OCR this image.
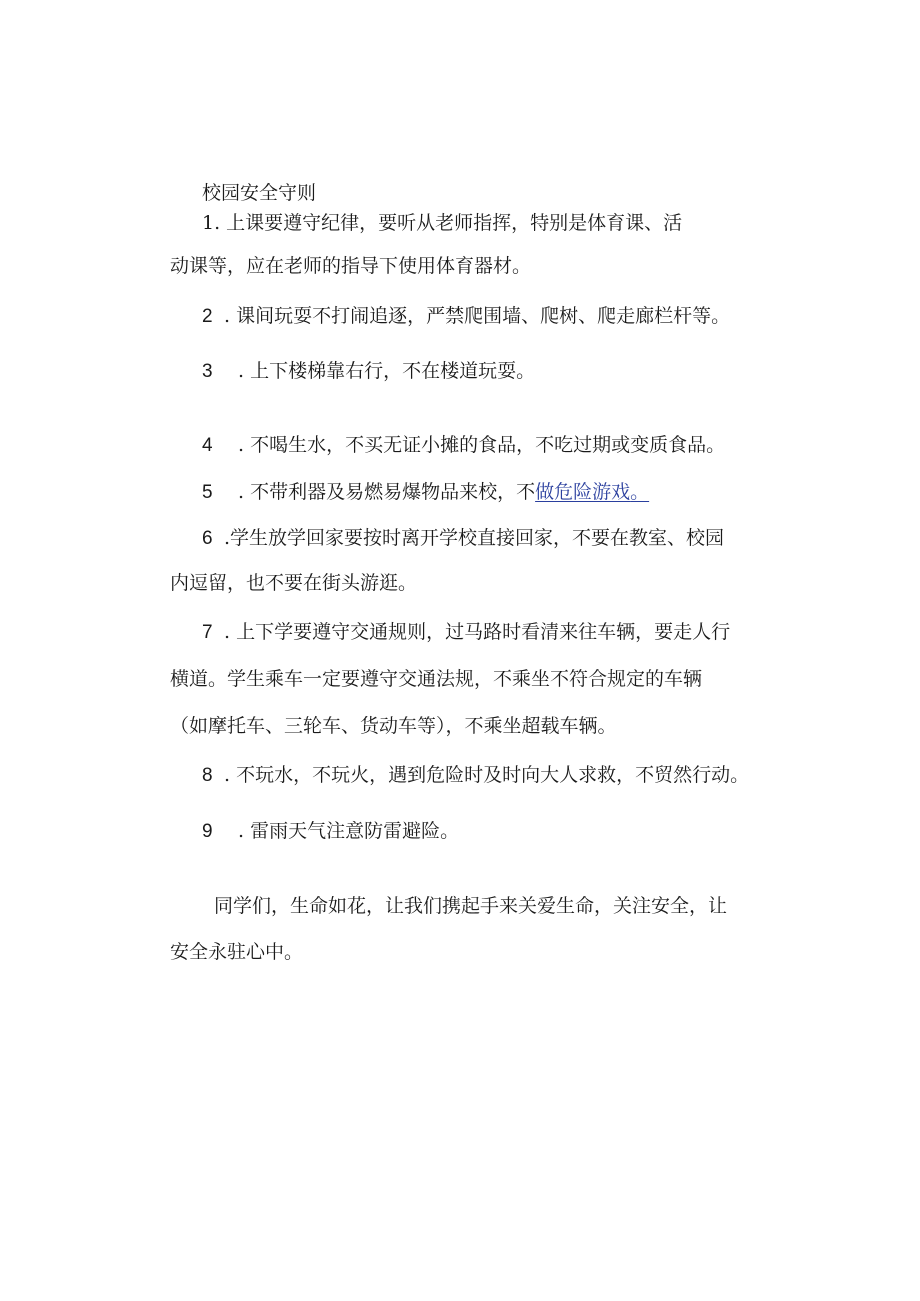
校园安全守则
1. 上课要遵守纪律，要听从老师指挥，特别是体育课、活
动课等，应在老师的指导下使用体育器材。
2 . 课间玩耍不打闹追逐，严禁爬围墙、爬树、爬走廊栏杆等。
3 . 上下楼梯靠右行，不在楼道玩耍。
4 . 不喝生水，不买无证小摊的食品，不吃过期或变质食品。
5 . 不带利器及易燃易爆物品来校，不做危险游戏。
6 .学生放学回家要按时离开学校直接回家，不要在教室、校园
内逗留，也不要在街头游逛。
7 . 上下学要遵守交通规则，过马路时看清来往车辆，要走人行
横道。学生乘车一定要遵守交通法规，不乘坐不符合规定的车辆
（如摩托车、三轮车、货动车等），不乘坐超载车辆。
8 . 不玩水，不玩火，遇到危险时及时向大人求救，不贸然行动。
9 . 雷雨天气注意防雷避险。
同学们，生命如花，让我们携起手来关爱生命，关注安全，让
安全永驻心中。
